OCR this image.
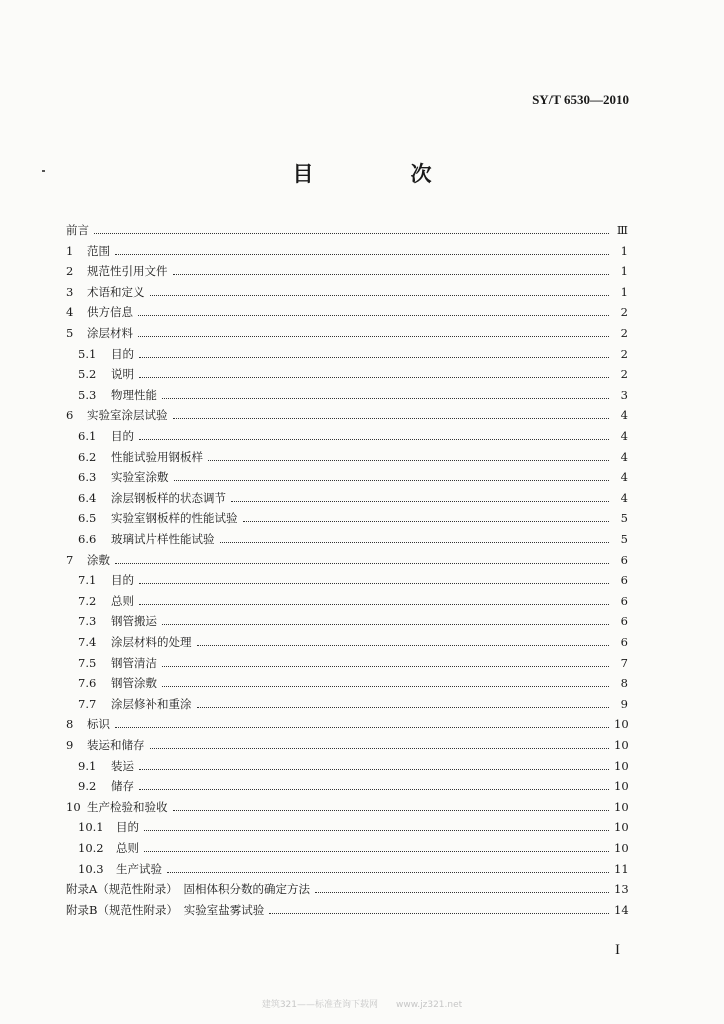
SY/T 6530—2010
目　次
前言	Ⅲ
1	范围	1
2	规范性引用文件	1
3	术语和定义	1
4	供方信息	2
5	涂层材料	2
5.1	目的	2
5.2	说明	2
5.3	物理性能	3
6	实验室涂层试验	4
6.1	目的	4
6.2	性能试验用钢板样	4
6.3	实验室涂敷	4
6.4	涂层钢板样的状态调节	4
6.5	实验室钢板样的性能试验	5
6.6	玻璃试片样性能试验	5
7	涂敷	6
7.1	目的	6
7.2	总则	6
7.3	钢管搬运	6
7.4	涂层材料的处理	6
7.5	钢管清洁	7
7.6	钢管涂敷	8
7.7	涂层修补和重涂	9
8	标识	10
9	装运和储存	10
9.1	装运	10
9.2	储存	10
10 生产检验和验收	10
10.1	目的	10
10.2	总则	10
10.3	生产试验	11
附录A（规范性附录）　固相体积分数的确定方法	13
附录B（规范性附录）　实验室盐雾试验	14
I
建筑321——标准查询下载网　　www.jz321.net
